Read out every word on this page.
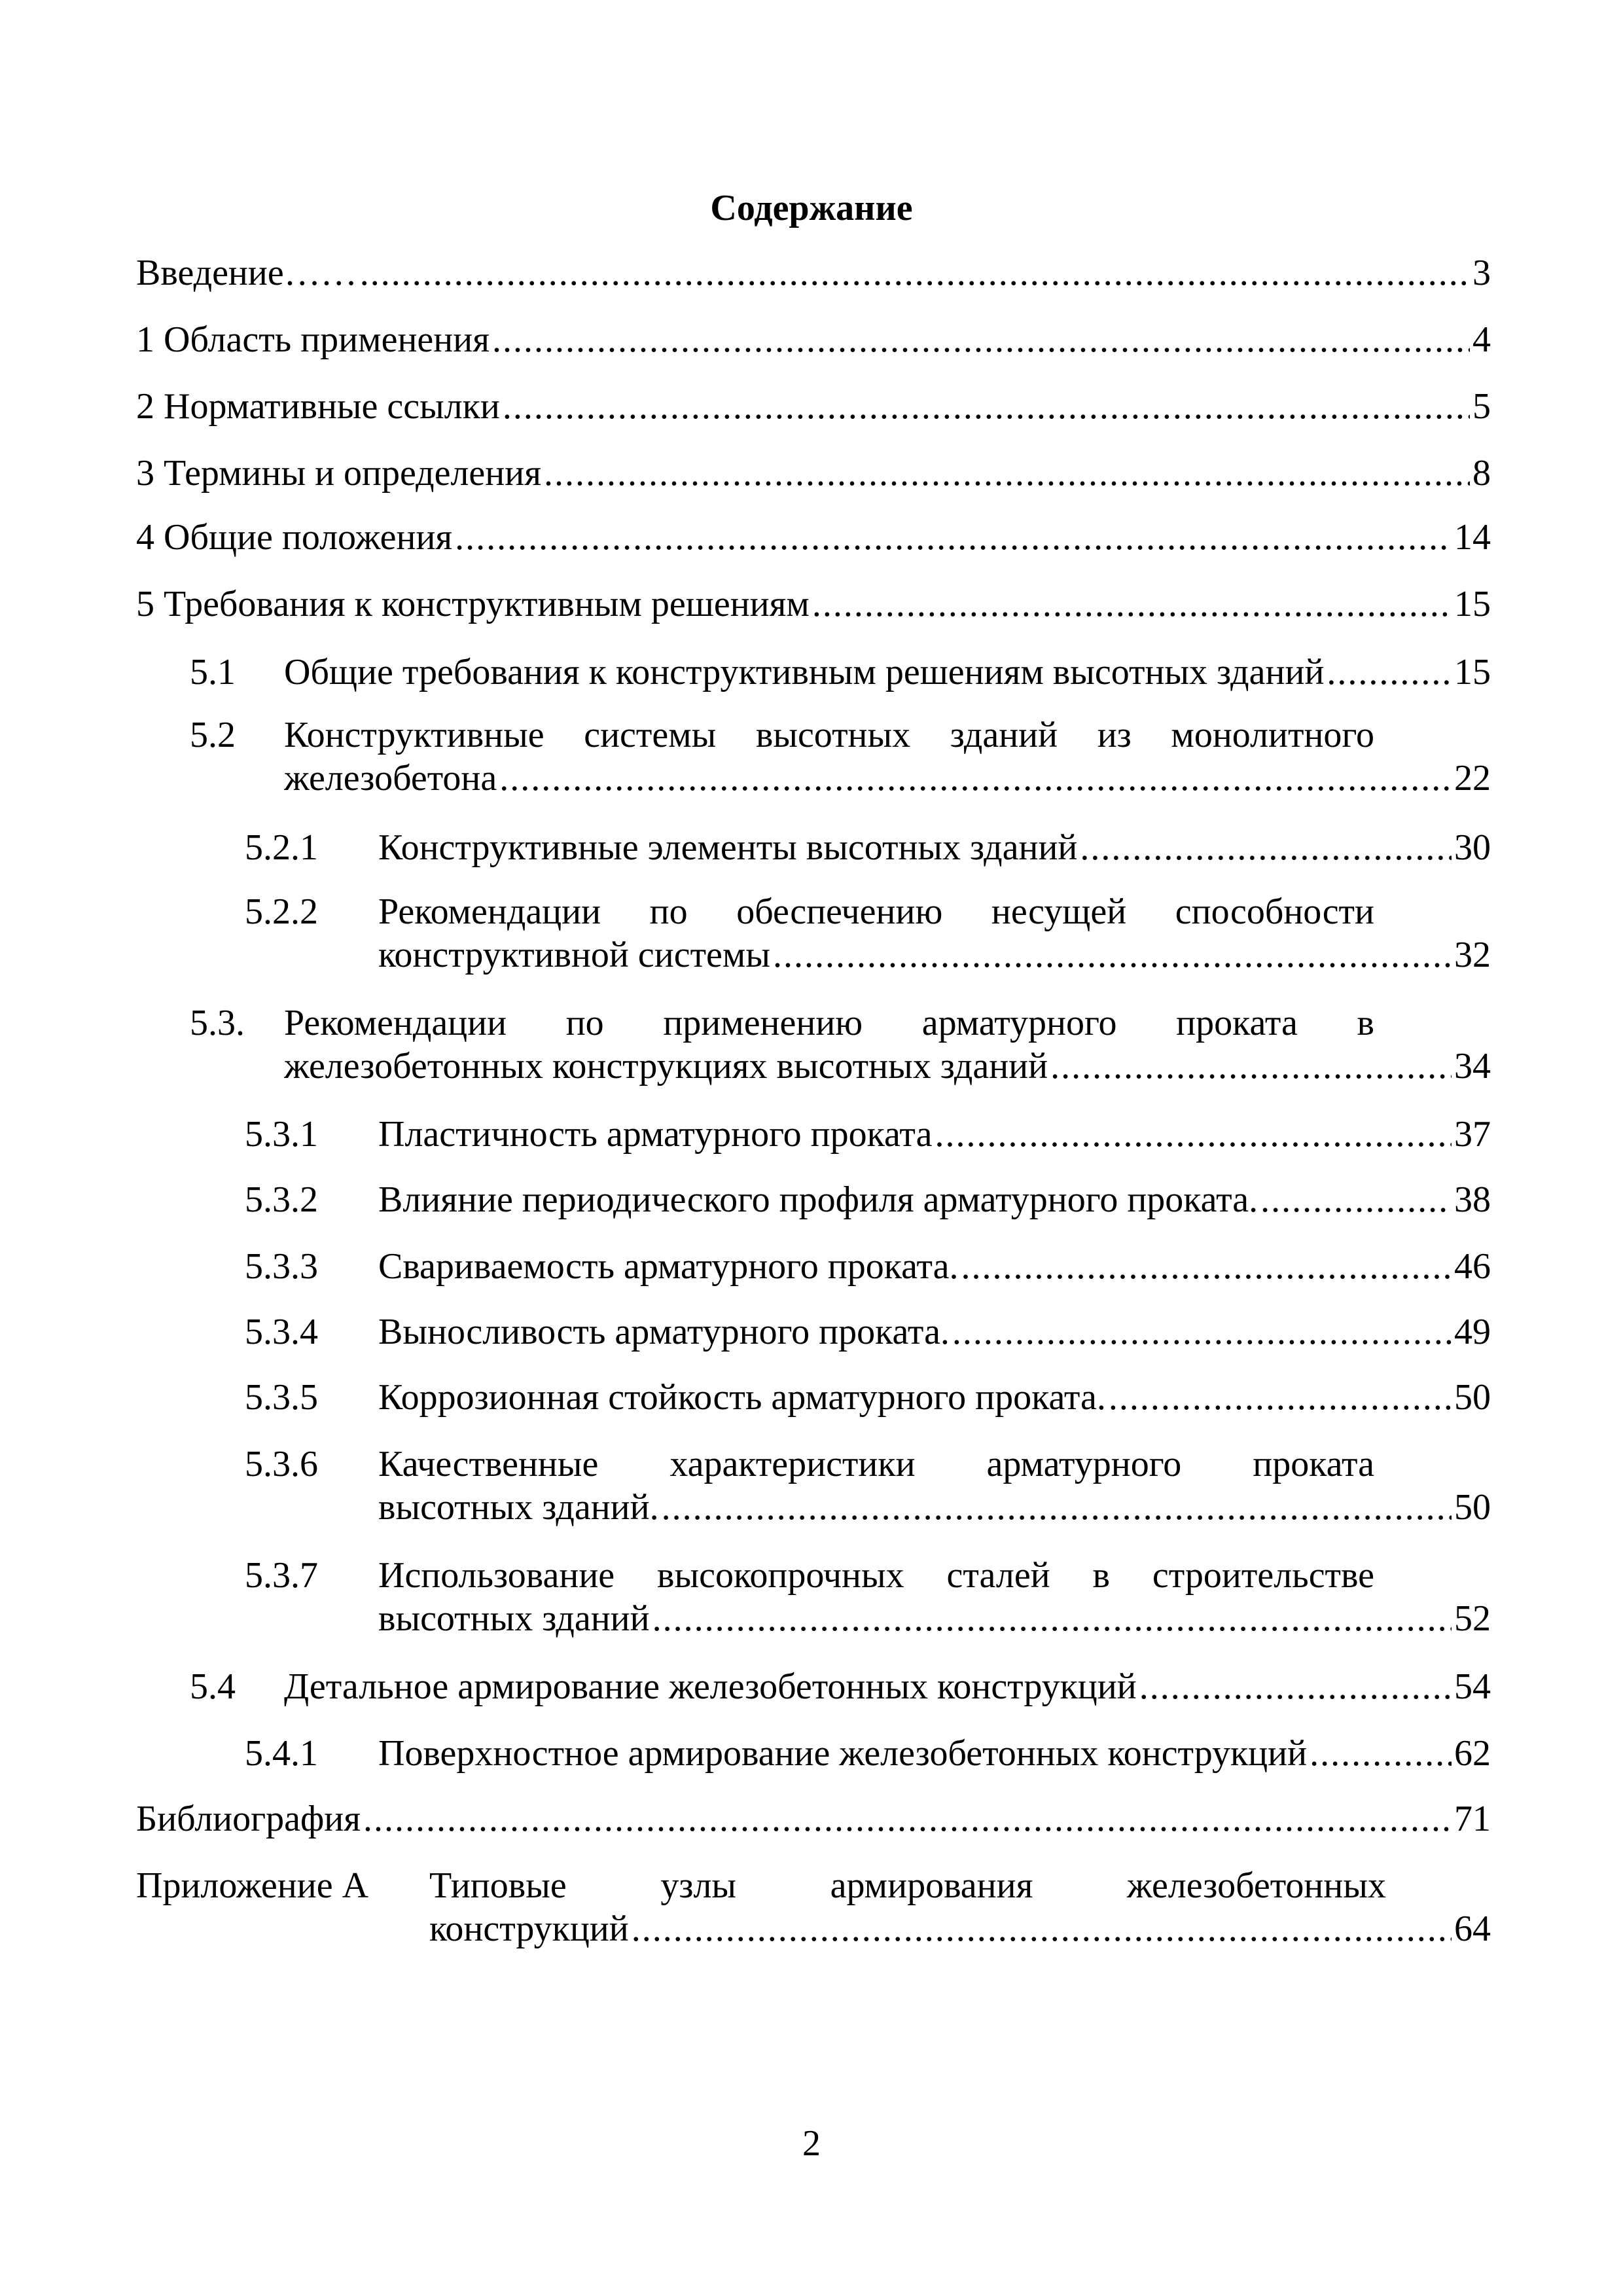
Содержание
Введение…… .....	3
1 Область применения .....	4
2 Нормативные ссылки .....	5
3 Термины и определения .....	8
4 Общие положения .....	14
5 Требования к конструктивным решениям .....	15
5.1 Общие требования к конструктивным решениям высотных зданий .....	15
5.2 Конструктивные системы высотных зданий из монолитного
железобетона .....	22
5.2.1 Конструктивные элементы высотных зданий .....	30
5.2.2 Рекомендации по обеспечению несущей способности
конструктивной системы .....	32
5.3. Рекомендации по применению арматурного проката в
железобетонных конструкциях высотных зданий .....	34
5.3.1 Пластичность арматурного проката .....	37
5.3.2 Влияние периодического профиля арматурного проката. .....	38
5.3.3 Свариваемость арматурного проката. .....	46
5.3.4 Выносливость арматурного проката. .....	49
5.3.5 Коррозионная стойкость арматурного проката. .....	50
5.3.6 Качественные характеристики арматурного проката
высотных зданий. .....	50
5.3.7 Использование высокопрочных сталей в строительстве
высотных зданий .....	52
5.4 Детальное армирование железобетонных конструкций .....	54
5.4.1 Поверхностное армирование железобетонных конструкций .....	62
Библиография .....	71
Приложение А Типовые узлы армирования железобетонных
конструкций .....	64
2
